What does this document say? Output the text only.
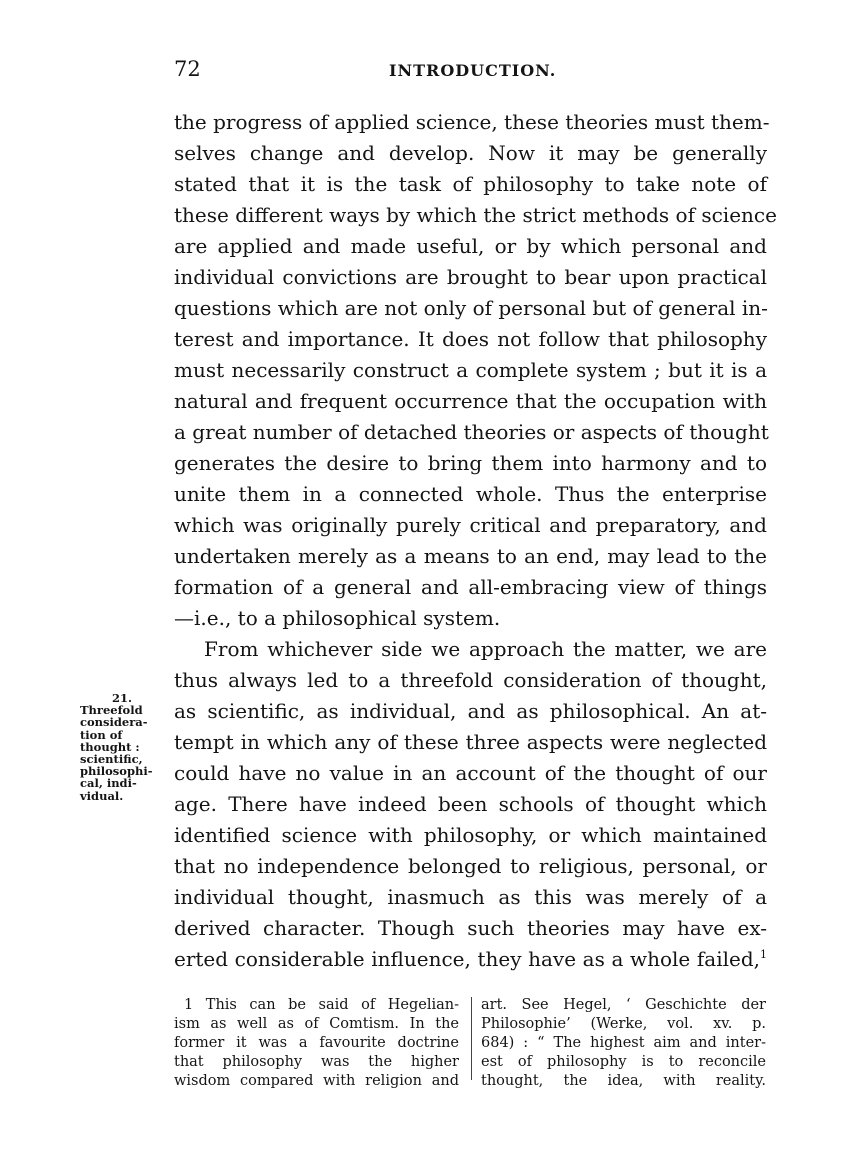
72	INTRODUCTION.
the progress of applied science, these theories must them-
selves change and develop. Now it may be generally
stated that it is the task of philosophy to take note of
these different ways by which the strict methods of science
are applied and made useful, or by which personal and
individual convictions are brought to bear upon practical
questions which are not only of personal but of general in-
terest and importance. It does not follow that philosophy
must necessarily construct a complete system ; but it is a
natural and frequent occurrence that the occupation with
a great number of detached theories or aspects of thought
generates the desire to bring them into harmony and to
unite them in a connected whole. Thus the enterprise
which was originally purely critical and preparatory, and
undertaken merely as a means to an end, may lead to the
formation of a general and all-embracing view of things
—i.e., to a philosophical system.
From whichever side we approach the matter, we are
thus always led to a threefold consideration of thought,
as scientific, as individual, and as philosophical. An at-
tempt in which any of these three aspects were neglected
could have no value in an account of the thought of our
age. There have indeed been schools of thought which
identified science with philosophy, or which maintained
that no independence belonged to religious, personal, or
individual thought, inasmuch as this was merely of a
derived character. Though such theories may have ex-
erted considerable influence, they have as a whole failed,$^1$
21.
Threefold
considera-
tion of
thought :
scientific,
philosophi-
cal, indi-
vidual.
1 This can be said of Hegelian-
ism as well as of Comtism. In the
former it was a favourite doctrine
that philosophy was the higher
wisdom compared with religion and
art. See Hegel, ‘ Geschichte der
Philosophie’ (Werke, vol. xv. p.
684) : “ The highest aim and inter-
est of philosophy is to reconcile
thought, the idea, with reality.
